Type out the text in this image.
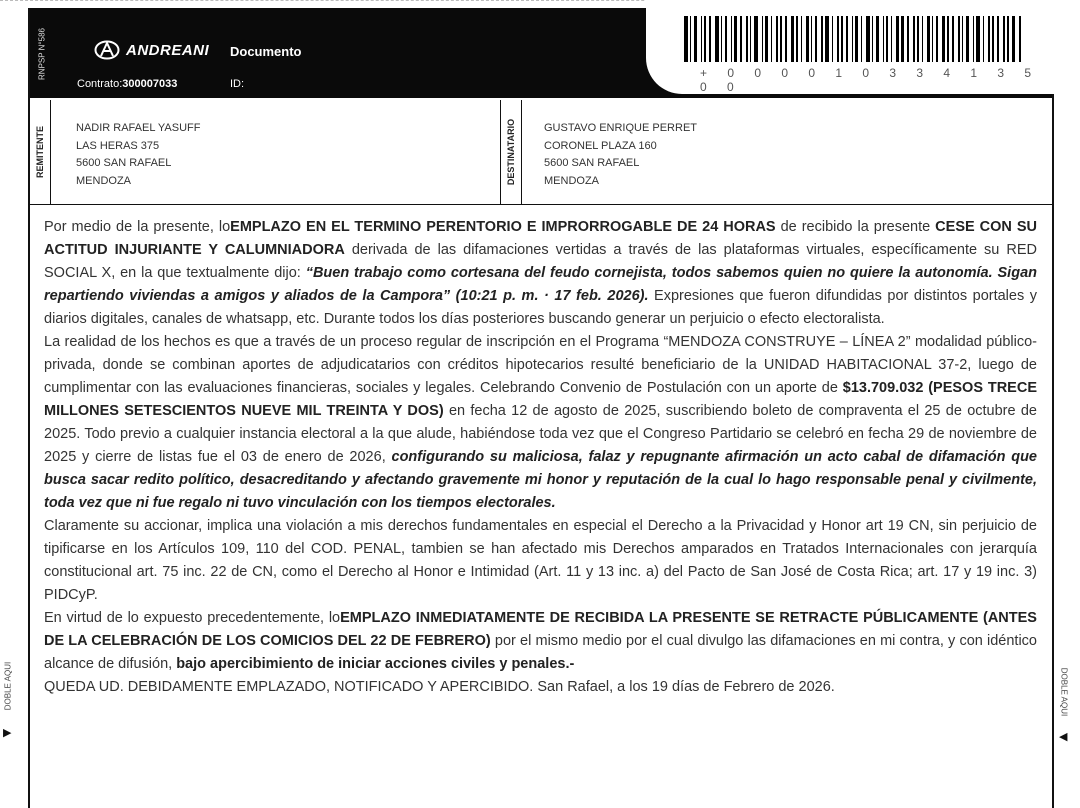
RNPSP N°586	ANDREANI Documento
Contrato:300007033	ID:
+ 0 0 0 0 1 0 3 3 4 1 3 5 0 0
REMITENTE	NADIR RAFAEL YASUFF
LAS HERAS 375
5600 SAN RAFAEL
MENDOZA	DESTINATARIO	GUSTAVO ENRIQUE PERRET
CORONEL PLAZA 160
5600 SAN RAFAEL
MENDOZA

Por medio de la presente, loEMPLAZO EN EL TERMINO PERENTORIO E IMPRORROGABLE DE 24 HORAS de recibido la presente CESE CON SU ACTITUD INJURIANTE Y CALUMNIADORA derivada de las difamaciones vertidas a través de las plataformas virtuales, específicamente su RED SOCIAL X, en la que textualmente dijo: “Buen trabajo como cortesana del feudo cornejista, todos sabemos quien no quiere la autonomía. Sigan repartiendo viviendas a amigos y aliados de la Campora” (10:21 p. m. · 17 feb. 2026). Expresiones que fueron difundidas por distintos portales y diarios digitales, canales de whatsapp, etc. Durante todos los días posteriores buscando generar un perjuicio o efecto electoralista.

La realidad de los hechos es que a través de un proceso regular de inscripción en el Programa “MENDOZA CONSTRUYE – LÍNEA 2” modalidad público-privada, donde se combinan aportes de adjudicatarios con créditos hipotecarios resulté beneficiario de la UNIDAD HABITACIONAL 37-2, luego de cumplimentar con las evaluaciones financieras, sociales y legales. Celebrando Convenio de Postulación con un aporte de $13.709.032 (PESOS TRECE MILLONES SETESCIENTOS NUEVE MIL TREINTA Y DOS) en fecha 12 de agosto de 2025, suscribiendo boleto de compraventa el 25 de octubre de 2025. Todo previo a cualquier instancia electoral a la que alude, habiéndose toda vez que el Congreso Partidario se celebró en fecha 29 de noviembre de 2025 y cierre de listas fue el 03 de enero de 2026, configurando su maliciosa, falaz y repugnante afirmación un acto cabal de difamación que busca sacar redito político, desacreditando y afectando gravemente mi honor y reputación de la cual lo hago responsable penal y civilmente, toda vez que ni fue regalo ni tuvo vinculación con los tiempos electorales.

Claramente su accionar, implica una violación a mis derechos fundamentales en especial el Derecho a la Privacidad y Honor art 19 CN, sin perjuicio de tipificarse en los Artículos 109, 110 del COD. PENAL, tambien se han afectado mis Derechos amparados en Tratados Internacionales con jerarquía constitucional art. 75 inc. 22 de CN, como el Derecho al Honor e Intimidad (Art. 11 y 13 inc. a) del Pacto de San José de Costa Rica; art. 17 y 19 inc. 3) PIDCyP.

En virtud de lo expuesto precedentemente, loEMPLAZO INMEDIATAMENTE DE RECIBIDA LA PRESENTE SE RETRACTE PÚBLICAMENTE (ANTES DE LA CELEBRACIÓN DE LOS COMICIOS DEL 22 DE FEBRERO) por el mismo medio por el cual divulgo las difamaciones en mi contra, y con idéntico alcance de difusión, bajo apercibimiento de iniciar acciones civiles y penales.-

QUEDA UD. DEBIDAMENTE EMPLAZADO, NOTIFICADO Y APERCIBIDO. San Rafael, a los 19 días de Febrero de 2026.

DOBLE AQUI
▶
DOBLE AQUI
◀
